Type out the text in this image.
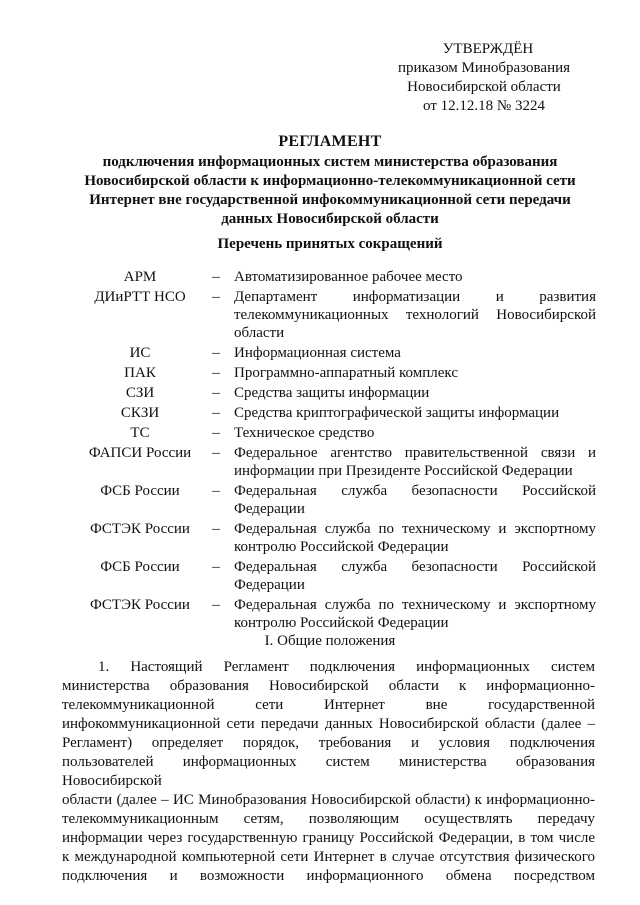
УТВЕРЖДЁН
приказом Минобразования
Новосибирской области
от 12.12.18 № 3224
РЕГЛАМЕНТ
подключения информационных систем министерства образования
Новосибирской области к информационно-телекоммуникационной сети
Интернет вне государственной инфокоммуникационной сети передачи
данных Новосибирской области
Перечень принятых сокращений
АРМ	– Автоматизированное рабочее место
ДИиРТТ НСО	– Департамент информатизации и развития телекоммуникационных технологий Новосибирской области
ИС	– Информационная система
ПАК	– Программно-аппаратный комплекс
СЗИ	– Средства защиты информации
СКЗИ	– Средства криптографической защиты информации
ТС	– Техническое средство
ФАПСИ России	– Федеральное агентство правительственной связи и информации при Президенте Российской Федерации
ФСБ России	– Федеральная служба безопасности Российской Федерации
ФСТЭК России	– Федеральная служба по техническому и экспортному контролю Российской Федерации
ФСБ России	– Федеральная служба безопасности Российской Федерации
ФСТЭК России	– Федеральная служба по техническому и экспортному контролю Российской Федерации
I. Общие положения
1. Настоящий Регламент подключения информационных систем
министерства образования Новосибирской области к информационно-
телекоммуникационной сети Интернет вне государственной
инфокоммуникационной сети передачи данных Новосибирской области (далее –
Регламент) определяет порядок, требования и условия подключения
пользователей информационных систем министерства образования Новосибирской
области (далее – ИС Минобразования Новосибирской области) к информационно-
телекоммуникационным сетям, позволяющим осуществлять передачу
информации через государственную границу Российской Федерации, в том числе
к международной компьютерной сети Интернет в случае отсутствия физического
подключения и возможности информационного обмена посредством
